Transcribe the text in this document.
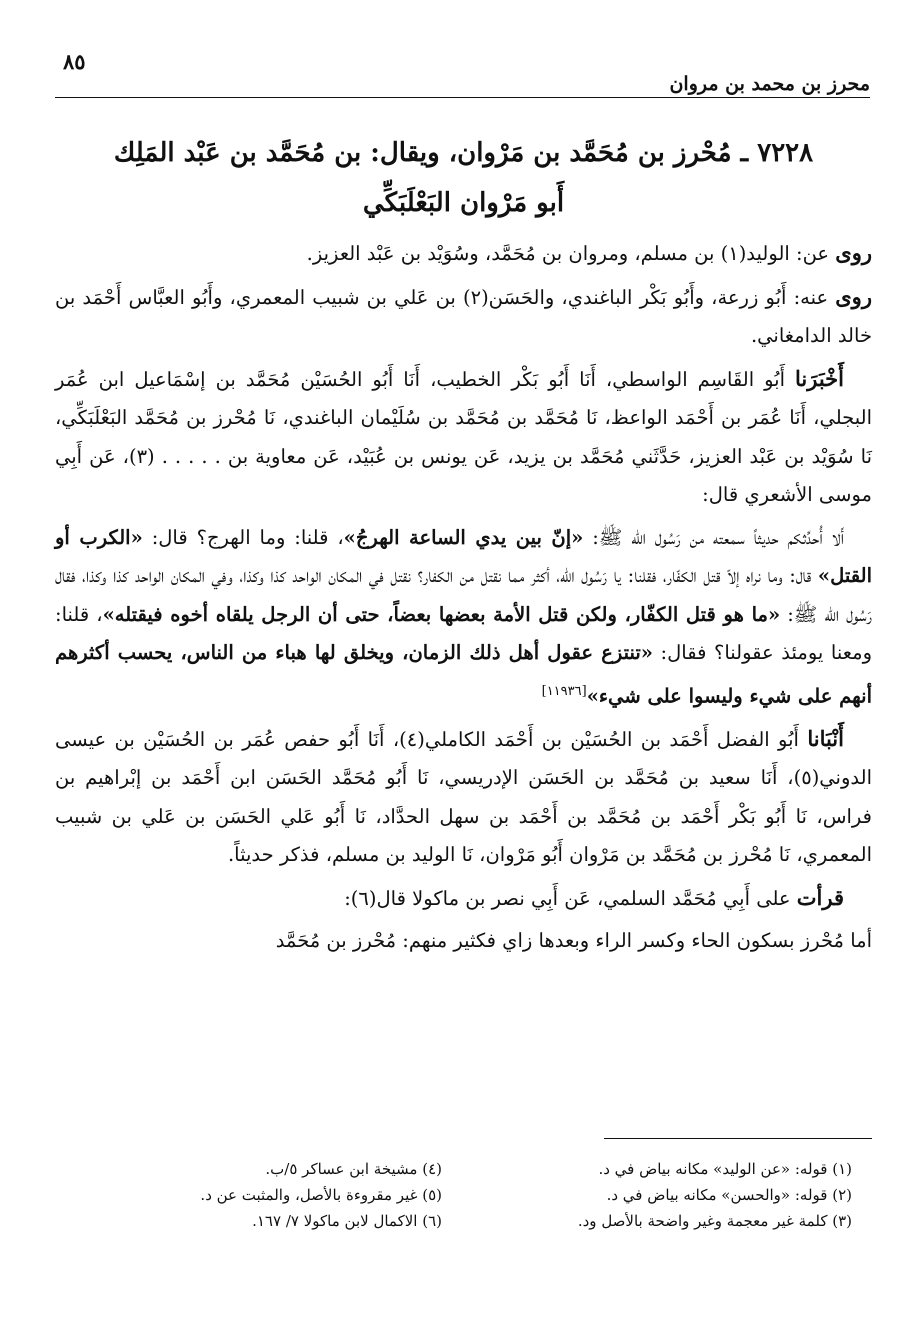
٨٥
محرز بن محمد بن مروان
٧٢٢٨ ـ مُحْرز بن مُحَمَّد بن مَرْوان، ويقال: بن مُحَمَّد بن عَبْد المَلِك
أَبو مَرْوان البَعْلَبَكِّي

روى عن: الوليد(١) بن مسلم، ومروان بن مُحَمَّد، وسُوَيْد بن عَبْد العزيز.

روى عنه: أَبُو زرعة، وأَبُو بَكْر الباغندي، والحَسَن(٢) بن عَلي بن شبيب المعمري، وأَبُو العبَّاس أَحْمَد بن خالد الدامغاني.

أَخْبَرَنا أَبُو القَاسِم الواسطي، أَنَا أَبُو بَكْر الخطيب، أَنَا أَبُو الحُسَيْن مُحَمَّد بن إسْمَاعيل ابن عُمَر البجلي، أَنَا عُمَر بن أَحْمَد الواعظ، نَا مُحَمَّد بن مُحَمَّد بن سُلَيْمان الباغندي، نَا مُحْرز بن مُحَمَّد البَعْلَبَكِّي، نَا سُوَيْد بن عَبْد العزيز، حَدَّثَني مُحَمَّد بن يزيد، عَن يونس بن عُبَيْد، عَن معاوية بن . . . . . (٣)، عَن أَبِي موسى الأشعري قال:

أَلا أُحدِّثكم حديثاً سمعته من رَسُول الله ﷺ: «إنّ بين يدي الساعة الهرجُ»، قلنا: وما الهرج؟ قال: «الكرب أو القتل» قال: وما نراه إلاّ قتل الكفّار، فقلنا: يا رَسُول الله، أكثر مما نقتل من الكفار؟ نقتل في المكان الواحد كذا وكذا، وفي المكان الواحد كذا وكذا، فقال رَسُول الله ﷺ: «ما هو قتل الكفّار، ولكن قتل الأمة بعضها بعضاً، حتى أن الرجل يلقاه أخوه فيقتله»، قلنا: ومعنا يومئذ عقولنا؟ فقال: «تنتزع عقول أهل ذلك الزمان، ويخلق لها هباء من الناس، يحسب أكثرهم أنهم على شيء وليسوا على شيء»[١١٩٣٦]

أَنْبَانا أَبُو الفضل أَحْمَد بن الحُسَيْن بن أَحْمَد الكاملي(٤)، أَنَا أَبُو حفص عُمَر بن الحُسَيْن بن عيسى الدوني(٥)، أَنَا سعيد بن مُحَمَّد بن الحَسَن الإدريسي، نَا أَبُو مُحَمَّد الحَسَن ابن أَحْمَد بن إبْراهيم بن فراس، نَا أَبُو بَكْر أَحْمَد بن مُحَمَّد بن أَحْمَد بن سهل الحدَّاد، نَا أَبُو عَلي الحَسَن بن عَلي بن شبيب المعمري، نَا مُحْرز بن مُحَمَّد بن مَرْوان أَبُو مَرْوان، نَا الوليد بن مسلم، فذكر حديثاً.

قرأت على أَبِي مُحَمَّد السلمي، عَن أَبِي نصر بن ماكولا قال(٦):

أما مُحْرز بسكون الحاء وكسر الراء وبعدها زاي فكثير منهم: مُحْرز بن مُحَمَّد

(١) قوله: «عن الوليد» مكانه بياض في د.
(٢) قوله: «والحسن» مكانه بياض في د.
(٣) كلمة غير معجمة وغير واضحة بالأصل ود.
(٤) مشيخة ابن عساكر ٥/ب.
(٥) غير مقروءة بالأصل، والمثبت عن د.
(٦) الاكمال لابن ماكولا ٧/ ١٦٧.
